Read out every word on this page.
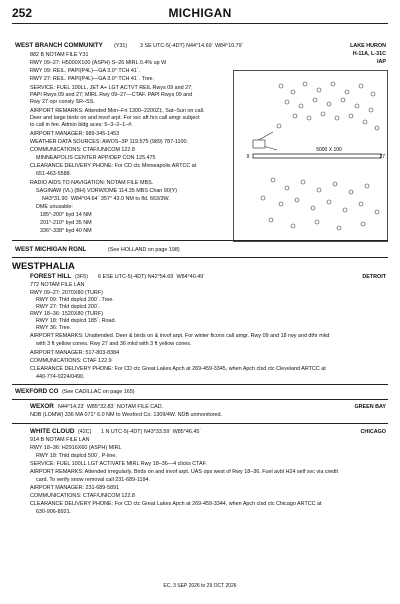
252	MICHIGAN
WEST BRANCH COMMUNITY (Y31) 3 SE UTC-5(-4DT) N44°14.69´ W84°10.79´	LAKE HURON
H-11A, L-31C
IAP
882 B NOTAM FILE Y31
RWY 09–27: H5000X100 (ASPH) S–26 MIRL 0.4% up W
RWY 09: REIL. PAPI(P4L)—GA 3.0° TCH 41´.
RWY 27: REIL. PAPI(P4L)—GA 3.0° TCH 41´. Tree.
SERVICE: FUEL 100LL, JET A+ LGT ACTVT REIL Rwys 09 and 27;
PAPI Rwys 09 and 27; MIRL Rwy 09–27—CTAF. PAPI Rwys 09 and
Rwy 27 opr consly SR–SS.
AIRPORT REMARKS: Attended Mon–Fri 1300–2200Z‡, Sat–Sun on call.
Deer and large birds on and invof arpt. For svc aft hrs call amgr subject
to call in fee. Admin bldg aces: 5–3–2–1–#.
AIRPORT MANAGER: 989-345-1453
WEATHER DATA SOURCES: AWOS–3P 119.575 (989) 787-1100.
COMMUNICATIONS: CTAF/UNICOM 122.8
MINNEAPOLIS CENTER APP/DEP CON 125.475
CLEARANCE DELIVERY PHONE: For CD ctc Minneapolis ARTCC at
651-463-5588.
RADIO AIDS TO NAVIGATION: NOTAM FILE MBS.
SAGINAW (VL) (BH) VORW/DME 114.35 MBS Chan 90(Y)
N43°31.90´ W84°04.64´ 357° 43.0 NM to fld. 663/3W.
DME unusable:
185°-200° byd 14 NM
201°-210° byd 35 NM
336°-338° byd 40 NM
5000 X 100
9	27
WEST MICHIGAN RGNL	(See HOLLAND on page 198)
WESTPHALIA
FOREST HILL (3F5) 6 ESE UTC-5(-4DT) N42°54.69´ W84°40.49´	DETROIT
772 NOTAM FILE LAN
RWY 09–27: 2070X80 (TURF)
RWY 09: Thld dsplcd 200´. Tree.
RWY 27: Thld dsplcd 200´.
RWY 18–36: 1520X80 (TURF)
RWY 18: Thld dsplcd 185´. Road.
RWY 36: Tree.
AIRPORT REMARKS: Unattended. Deer & birds on & invof arpt. For winter ficons call amgr. Rwy 09 and 18 rwy and dthr mkd
with 3 ft yellow cones. Rwy 27 and 36 mkd with 3 ft yellow cones.
AIRPORT MANAGER: 517-803-8384
COMMUNICATIONS: CTAF 122.9
CLEARANCE DELIVERY PHONE: For CD ctc Great Lakes Apch at 269-459-3345, when Apch clsd ctc Cleveland ARTCC at
440-774-0224/0490.
WEXFORD CO (See CADILLAC on page 165)
WEXOR N44°14.23´ W85°32.83´ NOTAM FILE CAD.	GREEN BAY
NDB (LOMW) 336 MA 071° 6.0 NM to Wexford Co. 1309/4W. NDB unmonitored.
WHITE CLOUD (42C) 1 N UTC-5(-4DT) N43°33.59´ W85°46.45´	CHICAGO
914 B NOTAM FILE LAN
RWY 18–36: H2916X60 (ASPH) MIRL
RWY 18: Thld dsplcd 500´. P-line.
SERVICE: FUEL 100LL LGT ACTIVATE MIRL Rwy 18–36—4 clicks CTAF.
AIRPORT REMARKS: Attended irregularly. Birds on and invof arpt. UAS ops west of Rwy 18–36. Fuel avbl H24 self svc via credit
card. To verify snow removal call 231-689-1194.
AIRPORT MANAGER: 231-689-5891
COMMUNICATIONS: CTAF/UNICOM 122.8
CLEARANCE DELIVERY PHONE: For CD ctc Great Lakes Apch at 269-459-3344, when Apch clsd ctc Chicago ARTCC at
630-906-8921.
EC, 3 SEP 2026 to 29 OCT 2026
